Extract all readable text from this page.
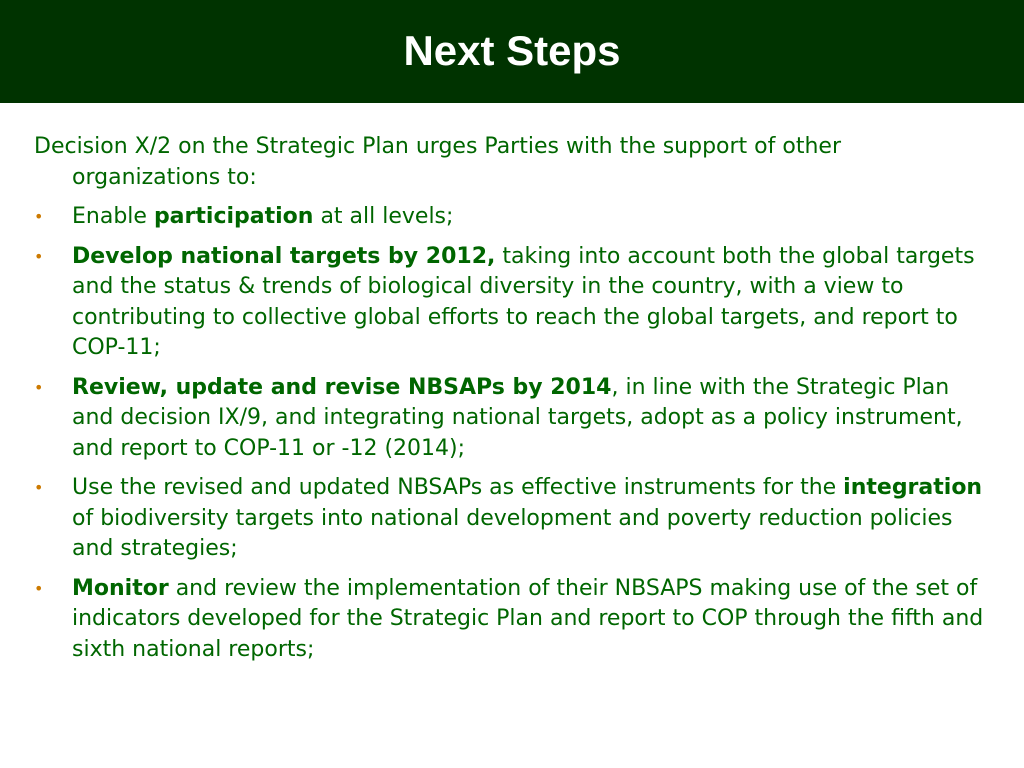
Next Steps

Decision X/2 on the Strategic Plan urges Parties with the support of other organizations to:

• Enable participation at all levels;
• Develop national targets by 2012, taking into account both the global targets and the status & trends of biological diversity in the country, with a view to contributing to collective global efforts to reach the global targets, and report to COP-11;
• Review, update and revise NBSAPs by 2014, in line with the Strategic Plan and decision IX/9, and integrating national targets, adopt as a policy instrument, and report to COP-11 or -12 (2014);
• Use the revised and updated NBSAPs as effective instruments for the integration of biodiversity targets into national development and poverty reduction policies and strategies;
• Monitor and review the implementation of their NBSAPS making use of the set of indicators developed for the Strategic Plan and report to COP through the fifth and sixth national reports;
